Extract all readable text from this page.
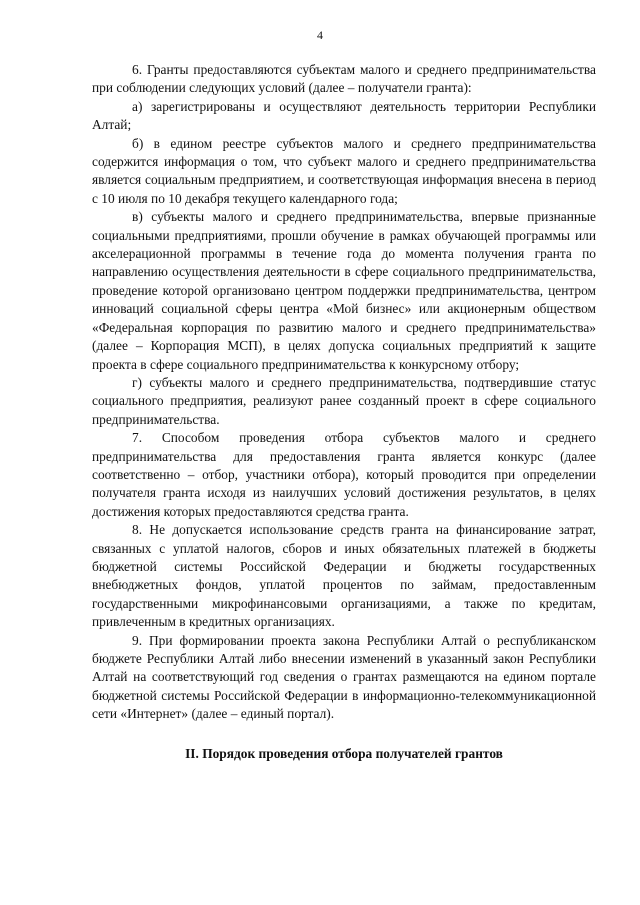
4

6. Гранты предоставляются субъектам малого и среднего предпринимательства при соблюдении следующих условий (далее – получатели гранта):

а) зарегистрированы и осуществляют деятельность территории Республики Алтай;

б) в едином реестре субъектов малого и среднего предпринимательства содержится информация о том, что субъект малого и среднего предпринимательства является социальным предприятием, и соответствующая информация внесена в период с 10 июля по 10 декабря текущего календарного года;

в) субъекты малого и среднего предпринимательства, впервые признанные социальными предприятиями, прошли обучение в рамках обучающей программы или акселерационной программы в течение года до момента получения гранта по направлению осуществления деятельности в сфере социального предпринимательства, проведение которой организовано центром поддержки предпринимательства, центром инноваций социальной сферы центра «Мой бизнес» или акционерным обществом «Федеральная корпорация по развитию малого и среднего предпринимательства» (далее – Корпорация МСП), в целях допуска социальных предприятий к защите проекта в сфере социального предпринимательства к конкурсному отбору;

г) субъекты малого и среднего предпринимательства, подтвердившие статус социального предприятия, реализуют ранее созданный проект в сфере социального предпринимательства.

7. Способом проведения отбора субъектов малого и среднего предпринимательства для предоставления гранта является конкурс (далее соответственно – отбор, участники отбора), который проводится при определении получателя гранта исходя из наилучших условий достижения результатов, в целях достижения которых предоставляются средства гранта.

8. Не допускается использование средств гранта на финансирование затрат, связанных с уплатой налогов, сборов и иных обязательных платежей в бюджеты бюджетной системы Российской Федерации и бюджеты государственных внебюджетных фондов, уплатой процентов по займам, предоставленным государственными микрофинансовыми организациями, а также по кредитам, привлеченным в кредитных организациях.

9. При формировании проекта закона Республики Алтай о республиканском бюджете Республики Алтай либо внесении изменений в указанный закон Республики Алтай на соответствующий год сведения о грантах размещаются на едином портале бюджетной системы Российской Федерации в информационно-телекоммуникационной сети «Интернет» (далее – единый портал).

II. Порядок проведения отбора получателей грантов
